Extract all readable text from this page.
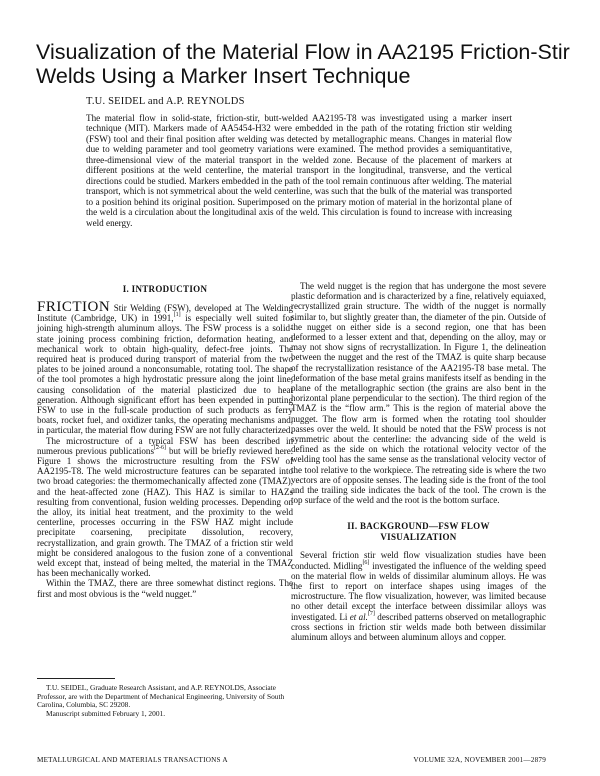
Visualization of the Material Flow in AA2195 Friction-Stir Welds Using a Marker Insert Technique
T.U. SEIDEL and A.P. REYNOLDS
The material flow in solid-state, friction-stir, butt-welded AA2195-T8 was investigated using a marker insert technique (MIT). Markers made of AA5454-H32 were embedded in the path of the rotating friction stir welding (FSW) tool and their final position after welding was detected by metallographic means. Changes in material flow due to welding parameter and tool geometry variations were examined. The method provides a semiquantitative, three-dimensional view of the material transport in the welded zone. Because of the placement of markers at different positions at the weld centerline, the material transport in the longitudinal, transverse, and the vertical directions could be studied. Markers embedded in the path of the tool remain continuous after welding. The material transport, which is not symmetrical about the weld centerline, was such that the bulk of the material was transported to a position behind its original position. Superimposed on the primary motion of material in the horizontal plane of the weld is a circulation about the longitudinal axis of the weld. This circulation is found to increase with increasing weld energy.
I. INTRODUCTION

FRICTION Stir Welding (FSW), developed at The Welding Institute (Cambridge, UK) in 1991,[1] is especially well suited for joining high-strength aluminum alloys. The FSW process is a solid-state joining process combining friction, deformation heating, and mechanical work to obtain high-quality, defect-free joints. The required heat is produced during transport of material from the two plates to be joined around a nonconsumable, rotating tool. The shape of the tool promotes a high hydrostatic pressure along the joint line, causing consolidation of the material plasticized due to heat generation. Although significant effort has been expended in putting FSW to use in the full-scale production of such products as ferry boats, rocket fuel, and oxidizer tanks, the operating mechanisms and, in particular, the material flow during FSW are not fully characterized.

The microstructure of a typical FSW has been described in numerous previous publications[2-6] but will be briefly reviewed here. Figure 1 shows the microstructure resulting from the FSW of AA2195-T8. The weld microstructure features can be separated into two broad categories: the thermomechanically affected zone (TMAZ), and the heat-affected zone (HAZ). This HAZ is similar to HAZs resulting from conventional, fusion welding processes. Depending on the alloy, its initial heat treatment, and the proximity to the weld centerline, processes occurring in the FSW HAZ might include precipitate coarsening, precipitate dissolution, recovery, recrystallization, and grain growth. The TMAZ of a friction stir weld might be considered analogous to the fusion zone of a conventional weld except that, instead of being melted, the material in the TMAZ has been mechanically worked.

Within the TMAZ, there are three somewhat distinct regions. The first and most obvious is the “weld nugget.”

The weld nugget is the region that has undergone the most severe plastic deformation and is characterized by a fine, relatively equiaxed, recrystallized grain structure. The width of the nugget is normally similar to, but slightly greater than, the diameter of the pin. Outside of the nugget on either side is a second region, one that has been deformed to a lesser extent and that, depending on the alloy, may or may not show signs of recrystallization. In Figure 1, the delineation between the nugget and the rest of the TMAZ is quite sharp because of the recrystallization resistance of the AA2195-T8 base metal. The deformation of the base metal grains manifests itself as bending in the plane of the metallographic section (the grains are also bent in the horizontal plane perpendicular to the section). The third region of the TMAZ is the “flow arm.” This is the region of material above the nugget. The flow arm is formed when the rotating tool shoulder passes over the weld. It should be noted that the FSW process is not symmetric about the centerline: the advancing side of the weld is defined as the side on which the rotational velocity vector of the welding tool has the same sense as the translational velocity vector of the tool relative to the workpiece. The retreating side is where the two vectors are of opposite senses. The leading side is the front of the tool and the trailing side indicates the back of the tool. The crown is the top surface of the weld and the root is the bottom surface.

II. BACKGROUND—FSW FLOW
VISUALIZATION

Several friction stir weld flow visualization studies have been conducted. Midling[6] investigated the influence of the welding speed on the material flow in welds of dissimilar aluminum alloys. He was the first to report on interface shapes using images of the microstructure. The flow visualization, however, was limited because no other detail except the interface between dissimilar alloys was investigated. Li et al.[7] described patterns observed on metallographic cross sections in friction stir welds made both between dissimilar aluminum alloys and between aluminum alloys and copper.

T.U. SEIDEL, Graduate Research Assistant, and A.P. REYNOLDS, Associate Professor, are with the Department of Mechanical Engineering, University of South Carolina, Columbia, SC 29208.

Manuscript submitted February 1, 2001.

METALLURGICAL AND MATERIALS TRANSACTIONS A	VOLUME 32A, NOVEMBER 2001—2879
